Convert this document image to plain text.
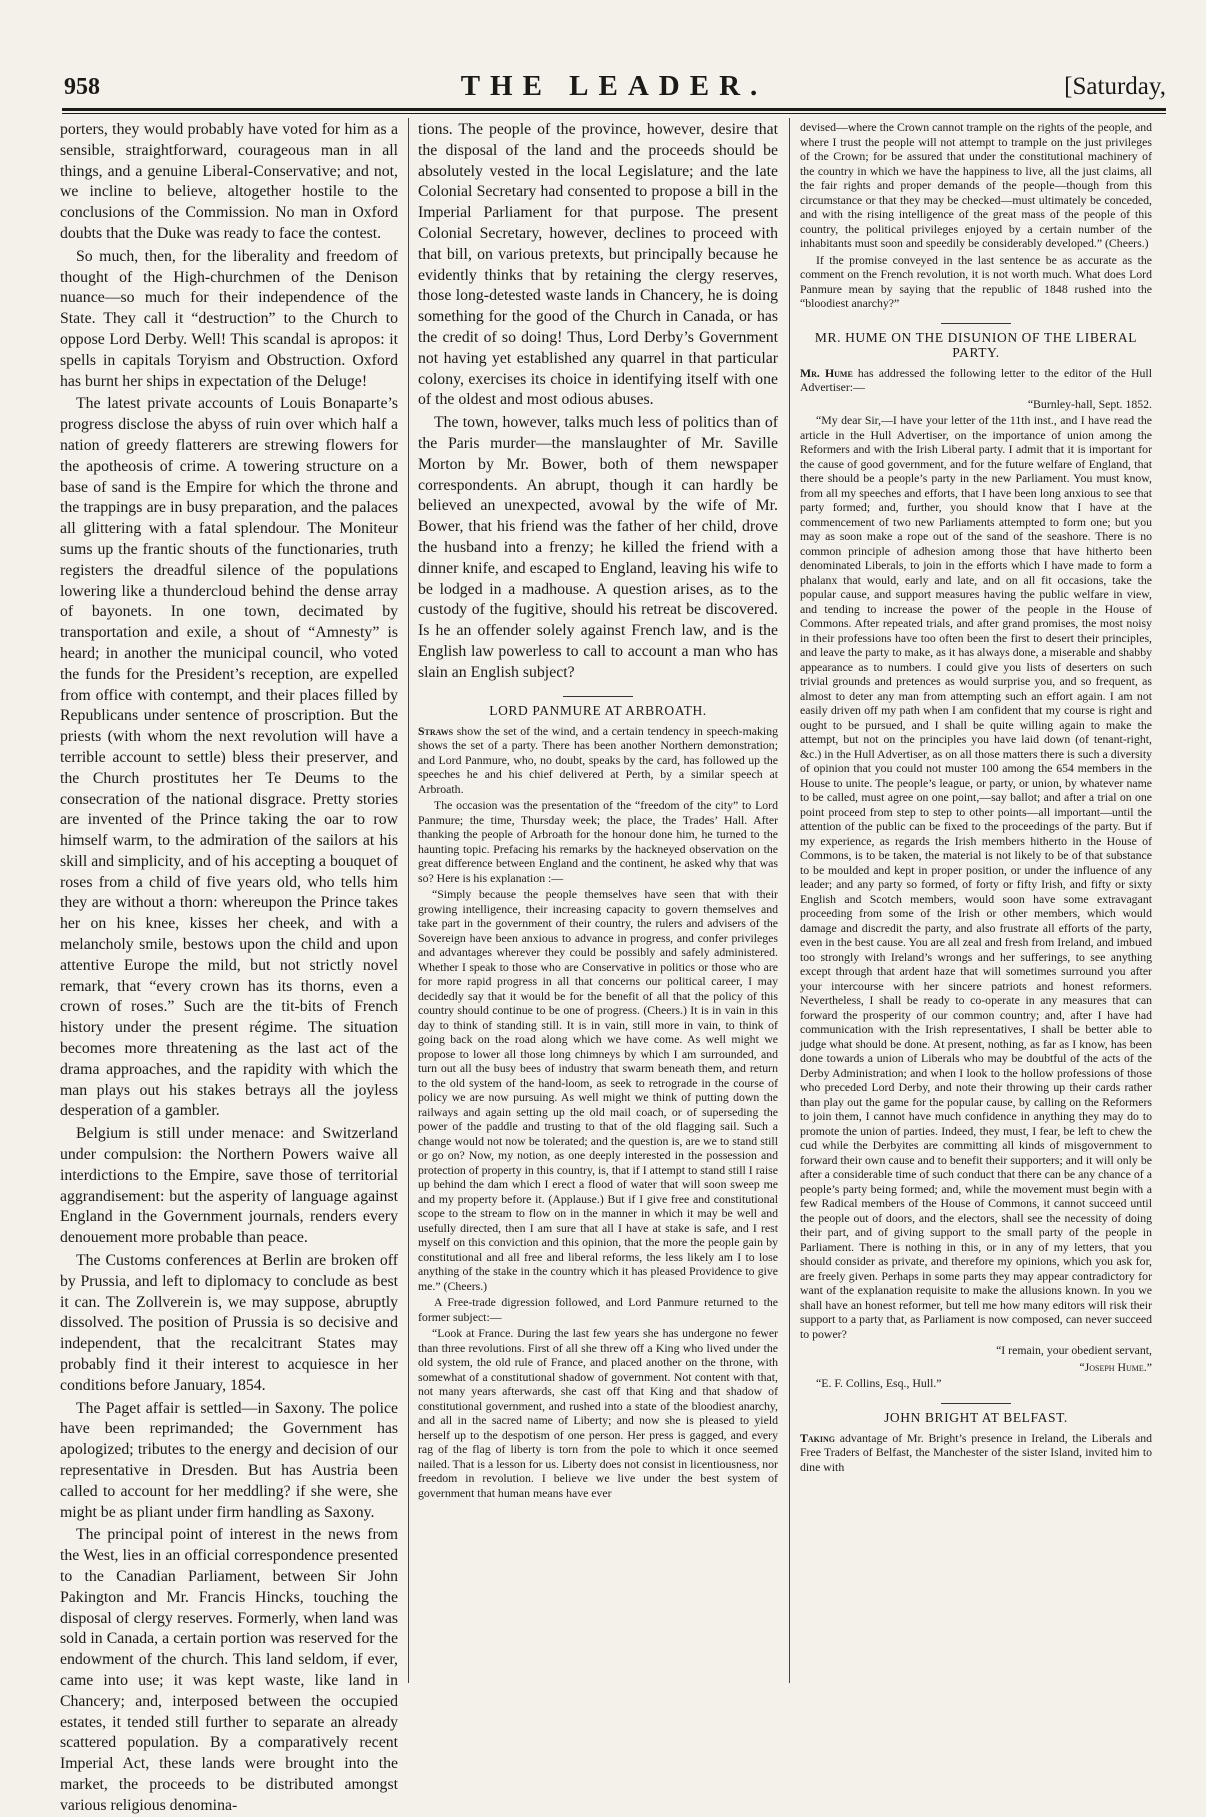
958	THE LEADER.	[Saturday,

porters, they would probably have voted for him as a sensible, straightforward, courageous man in all things, and a genuine Liberal-Conservative; and not, we incline to believe, altogether hostile to the conclusions of the Commission. No man in Oxford doubts that the Duke was ready to face the contest.

So much, then, for the liberality and freedom of thought of the High-churchmen of the Denison nuance—so much for their independence of the State. They call it “destruction” to the Church to oppose Lord Derby. Well! This scandal is apropos: it spells in capitals Toryism and Obstruction. Oxford has burnt her ships in expectation of the Deluge!

The latest private accounts of Louis Bonaparte’s progress disclose the abyss of ruin over which half a nation of greedy flatterers are strewing flowers for the apotheosis of crime. A towering structure on a base of sand is the Empire for which the throne and the trappings are in busy preparation, and the palaces all glittering with a fatal splendour. The Moniteur sums up the frantic shouts of the functionaries, truth registers the dreadful silence of the populations lowering like a thundercloud behind the dense array of bayonets. In one town, decimated by transportation and exile, a shout of “Amnesty” is heard; in another the municipal council, who voted the funds for the President’s reception, are expelled from office with contempt, and their places filled by Republicans under sentence of proscription. But the priests (with whom the next revolution will have a terrible account to settle) bless their preserver, and the Church prostitutes her Te Deums to the consecration of the national disgrace. Pretty stories are invented of the Prince taking the oar to row himself warm, to the admiration of the sailors at his skill and simplicity, and of his accepting a bouquet of roses from a child of five years old, who tells him they are without a thorn: whereupon the Prince takes her on his knee, kisses her cheek, and with a melancholy smile, bestows upon the child and upon attentive Europe the mild, but not strictly novel remark, that “every crown has its thorns, even a crown of roses.” Such are the tit-bits of French history under the present régime. The situation becomes more threatening as the last act of the drama approaches, and the rapidity with which the man plays out his stakes betrays all the joyless desperation of a gambler.

Belgium is still under menace: and Switzerland under compulsion: the Northern Powers waive all interdictions to the Empire, save those of territorial aggrandisement: but the asperity of language against England in the Government journals, renders every denouement more probable than peace.

The Customs conferences at Berlin are broken off by Prussia, and left to diplomacy to conclude as best it can. The Zollverein is, we may suppose, abruptly dissolved. The position of Prussia is so decisive and independent, that the recalcitrant States may probably find it their interest to acquiesce in her conditions before January, 1854.

The Paget affair is settled—in Saxony. The police have been reprimanded; the Government has apologized; tributes to the energy and decision of our representative in Dresden. But has Austria been called to account for her meddling? if she were, she might be as pliant under firm handling as Saxony.

The principal point of interest in the news from the West, lies in an official correspondence presented to the Canadian Parliament, between Sir John Pakington and Mr. Francis Hincks, touching the disposal of clergy reserves. Formerly, when land was sold in Canada, a certain portion was reserved for the endowment of the church. This land seldom, if ever, came into use; it was kept waste, like land in Chancery; and, interposed between the occupied estates, it tended still further to separate an already scattered population. By a comparatively recent Imperial Act, these lands were brought into the market, the proceeds to be distributed amongst various religious denomina-

tions. The people of the province, however, desire that the disposal of the land and the proceeds should be absolutely vested in the local Legislature; and the late Colonial Secretary had consented to propose a bill in the Imperial Parliament for that purpose. The present Colonial Secretary, however, declines to proceed with that bill, on various pretexts, but principally because he evidently thinks that by retaining the clergy reserves, those long-detested waste lands in Chancery, he is doing something for the good of the Church in Canada, or has the credit of so doing! Thus, Lord Derby’s Government not having yet established any quarrel in that particular colony, exercises its choice in identifying itself with one of the oldest and most odious abuses.

The town, however, talks much less of politics than of the Paris murder—the manslaughter of Mr. Saville Morton by Mr. Bower, both of them newspaper correspondents. An abrupt, though it can hardly be believed an unexpected, avowal by the wife of Mr. Bower, that his friend was the father of her child, drove the husband into a frenzy; he killed the friend with a dinner knife, and escaped to England, leaving his wife to be lodged in a madhouse. A question arises, as to the custody of the fugitive, should his retreat be discovered. Is he an offender solely against French law, and is the English law powerless to call to account a man who has slain an English subject?

LORD PANMURE AT ARBROATH.

Straws show the set of the wind, and a certain tendency in speech-making shows the set of a party. There has been another Northern demonstration; and Lord Panmure, who, no doubt, speaks by the card, has followed up the speeches he and his chief delivered at Perth, by a similar speech at Arbroath.

The occasion was the presentation of the “freedom of the city” to Lord Panmure; the time, Thursday week; the place, the Trades’ Hall. After thanking the people of Arbroath for the honour done him, he turned to the haunting topic. Prefacing his remarks by the hackneyed observation on the great difference between England and the continent, he asked why that was so? Here is his explanation :—

“Simply because the people themselves have seen that with their growing intelligence, their increasing capacity to govern themselves and take part in the government of their country, the rulers and advisers of the Sovereign have been anxious to advance in progress, and confer privileges and advantages wherever they could be possibly and safely administered. Whether I speak to those who are Conservative in politics or those who are for more rapid progress in all that concerns our political career, I may decidedly say that it would be for the benefit of all that the policy of this country should continue to be one of progress. (Cheers.) It is in vain in this day to think of standing still. It is in vain, still more in vain, to think of going back on the road along which we have come. As well might we propose to lower all those long chimneys by which I am surrounded, and turn out all the busy bees of industry that swarm beneath them, and return to the old system of the hand-loom, as seek to retrograde in the course of policy we are now pursuing. As well might we think of putting down the railways and again setting up the old mail coach, or of superseding the power of the paddle and trusting to that of the old flagging sail. Such a change would not now be tolerated; and the question is, are we to stand still or go on? Now, my notion, as one deeply interested in the possession and protection of property in this country, is, that if I attempt to stand still I raise up behind the dam which I erect a flood of water that will soon sweep me and my property before it. (Applause.) But if I give free and constitutional scope to the stream to flow on in the manner in which it may be well and usefully directed, then I am sure that all I have at stake is safe, and I rest myself on this conviction and this opinion, that the more the people gain by constitutional and all free and liberal reforms, the less likely am I to lose anything of the stake in the country which it has pleased Providence to give me.” (Cheers.)

A Free-trade digression followed, and Lord Panmure returned to the former subject:—

“Look at France. During the last few years she has undergone no fewer than three revolutions. First of all she threw off a King who lived under the old system, the old rule of France, and placed another on the throne, with somewhat of a constitutional shadow of government. Not content with that, not many years afterwards, she cast off that King and that shadow of constitutional government, and rushed into a state of the bloodiest anarchy, and all in the sacred name of Liberty; and now she is pleased to yield herself up to the despotism of one person. Her press is gagged, and every rag of the flag of liberty is torn from the pole to which it once seemed nailed. That is a lesson for us. Liberty does not consist in licentiousness, nor freedom in revolution. I believe we live under the best system of government that human means have ever

devised—where the Crown cannot trample on the rights of the people, and where I trust the people will not attempt to trample on the just privileges of the Crown; for be assured that under the constitutional machinery of the country in which we have the happiness to live, all the just claims, all the fair rights and proper demands of the people—though from this circumstance or that they may be checked—must ultimately be conceded, and with the rising intelligence of the great mass of the people of this country, the political privileges enjoyed by a certain number of the inhabitants must soon and speedily be considerably developed.” (Cheers.)

If the promise conveyed in the last sentence be as accurate as the comment on the French revolution, it is not worth much. What does Lord Panmure mean by saying that the republic of 1848 rushed into the “bloodiest anarchy?”

MR. HUME ON THE DISUNION OF THE LIBERAL PARTY.

Mr. Hume has addressed the following letter to the editor of the Hull Advertiser:—

“Burnley-hall, Sept. 1852.

“My dear Sir,—I have your letter of the 11th inst., and I have read the article in the Hull Advertiser, on the importance of union among the Reformers and with the Irish Liberal party. I admit that it is important for the cause of good government, and for the future welfare of England, that there should be a people’s party in the new Parliament. You must know, from all my speeches and efforts, that I have been long anxious to see that party formed; and, further, you should know that I have at the commencement of two new Parliaments attempted to form one; but you may as soon make a rope out of the sand of the seashore. There is no common principle of adhesion among those that have hitherto been denominated Liberals, to join in the efforts which I have made to form a phalanx that would, early and late, and on all fit occasions, take the popular cause, and support measures having the public welfare in view, and tending to increase the power of the people in the House of Commons. After repeated trials, and after grand promises, the most noisy in their professions have too often been the first to desert their principles, and leave the party to make, as it has always done, a miserable and shabby appearance as to numbers. I could give you lists of deserters on such trivial grounds and pretences as would surprise you, and so frequent, as almost to deter any man from attempting such an effort again. I am not easily driven off my path when I am confident that my course is right and ought to be pursued, and I shall be quite willing again to make the attempt, but not on the principles you have laid down (of tenant-right, &c.) in the Hull Advertiser, as on all those matters there is such a diversity of opinion that you could not muster 100 among the 654 members in the House to unite. The people’s league, or party, or union, by whatever name to be called, must agree on one point,—say ballot; and after a trial on one point proceed from step to step to other points—all important—until the attention of the public can be fixed to the proceedings of the party. But if my experience, as regards the Irish members hitherto in the House of Commons, is to be taken, the material is not likely to be of that substance to be moulded and kept in proper position, or under the influence of any leader; and any party so formed, of forty or fifty Irish, and fifty or sixty English and Scotch members, would soon have some extravagant proceeding from some of the Irish or other members, which would damage and discredit the party, and also frustrate all efforts of the party, even in the best cause. You are all zeal and fresh from Ireland, and imbued too strongly with Ireland’s wrongs and her sufferings, to see anything except through that ardent haze that will sometimes surround you after your intercourse with her sincere patriots and honest reformers. Nevertheless, I shall be ready to co-operate in any measures that can forward the prosperity of our common country; and, after I have had communication with the Irish representatives, I shall be better able to judge what should be done. At present, nothing, as far as I know, has been done towards a union of Liberals who may be doubtful of the acts of the Derby Administration; and when I look to the hollow professions of those who preceded Lord Derby, and note their throwing up their cards rather than play out the game for the popular cause, by calling on the Reformers to join them, I cannot have much confidence in anything they may do to promote the union of parties. Indeed, they must, I fear, be left to chew the cud while the Derbyites are committing all kinds of misgovernment to forward their own cause and to benefit their supporters; and it will only be after a considerable time of such conduct that there can be any chance of a people’s party being formed; and, while the movement must begin with a few Radical members of the House of Commons, it cannot succeed until the people out of doors, and the electors, shall see the necessity of doing their part, and of giving support to the small party of the people in Parliament. There is nothing in this, or in any of my letters, that you should consider as private, and therefore my opinions, which you ask for, are freely given. Perhaps in some parts they may appear contradictory for want of the explanation requisite to make the allusions known. In you we shall have an honest reformer, but tell me how many editors will risk their support to a party that, as Parliament is now composed, can never succeed to power?

“I remain, your obedient servant,

“Joseph Hume.”

“E. F. Collins, Esq., Hull.”

JOHN BRIGHT AT BELFAST.

Taking advantage of Mr. Bright’s presence in Ireland, the Liberals and Free Traders of Belfast, the Manchester of the sister Island, invited him to dine with
